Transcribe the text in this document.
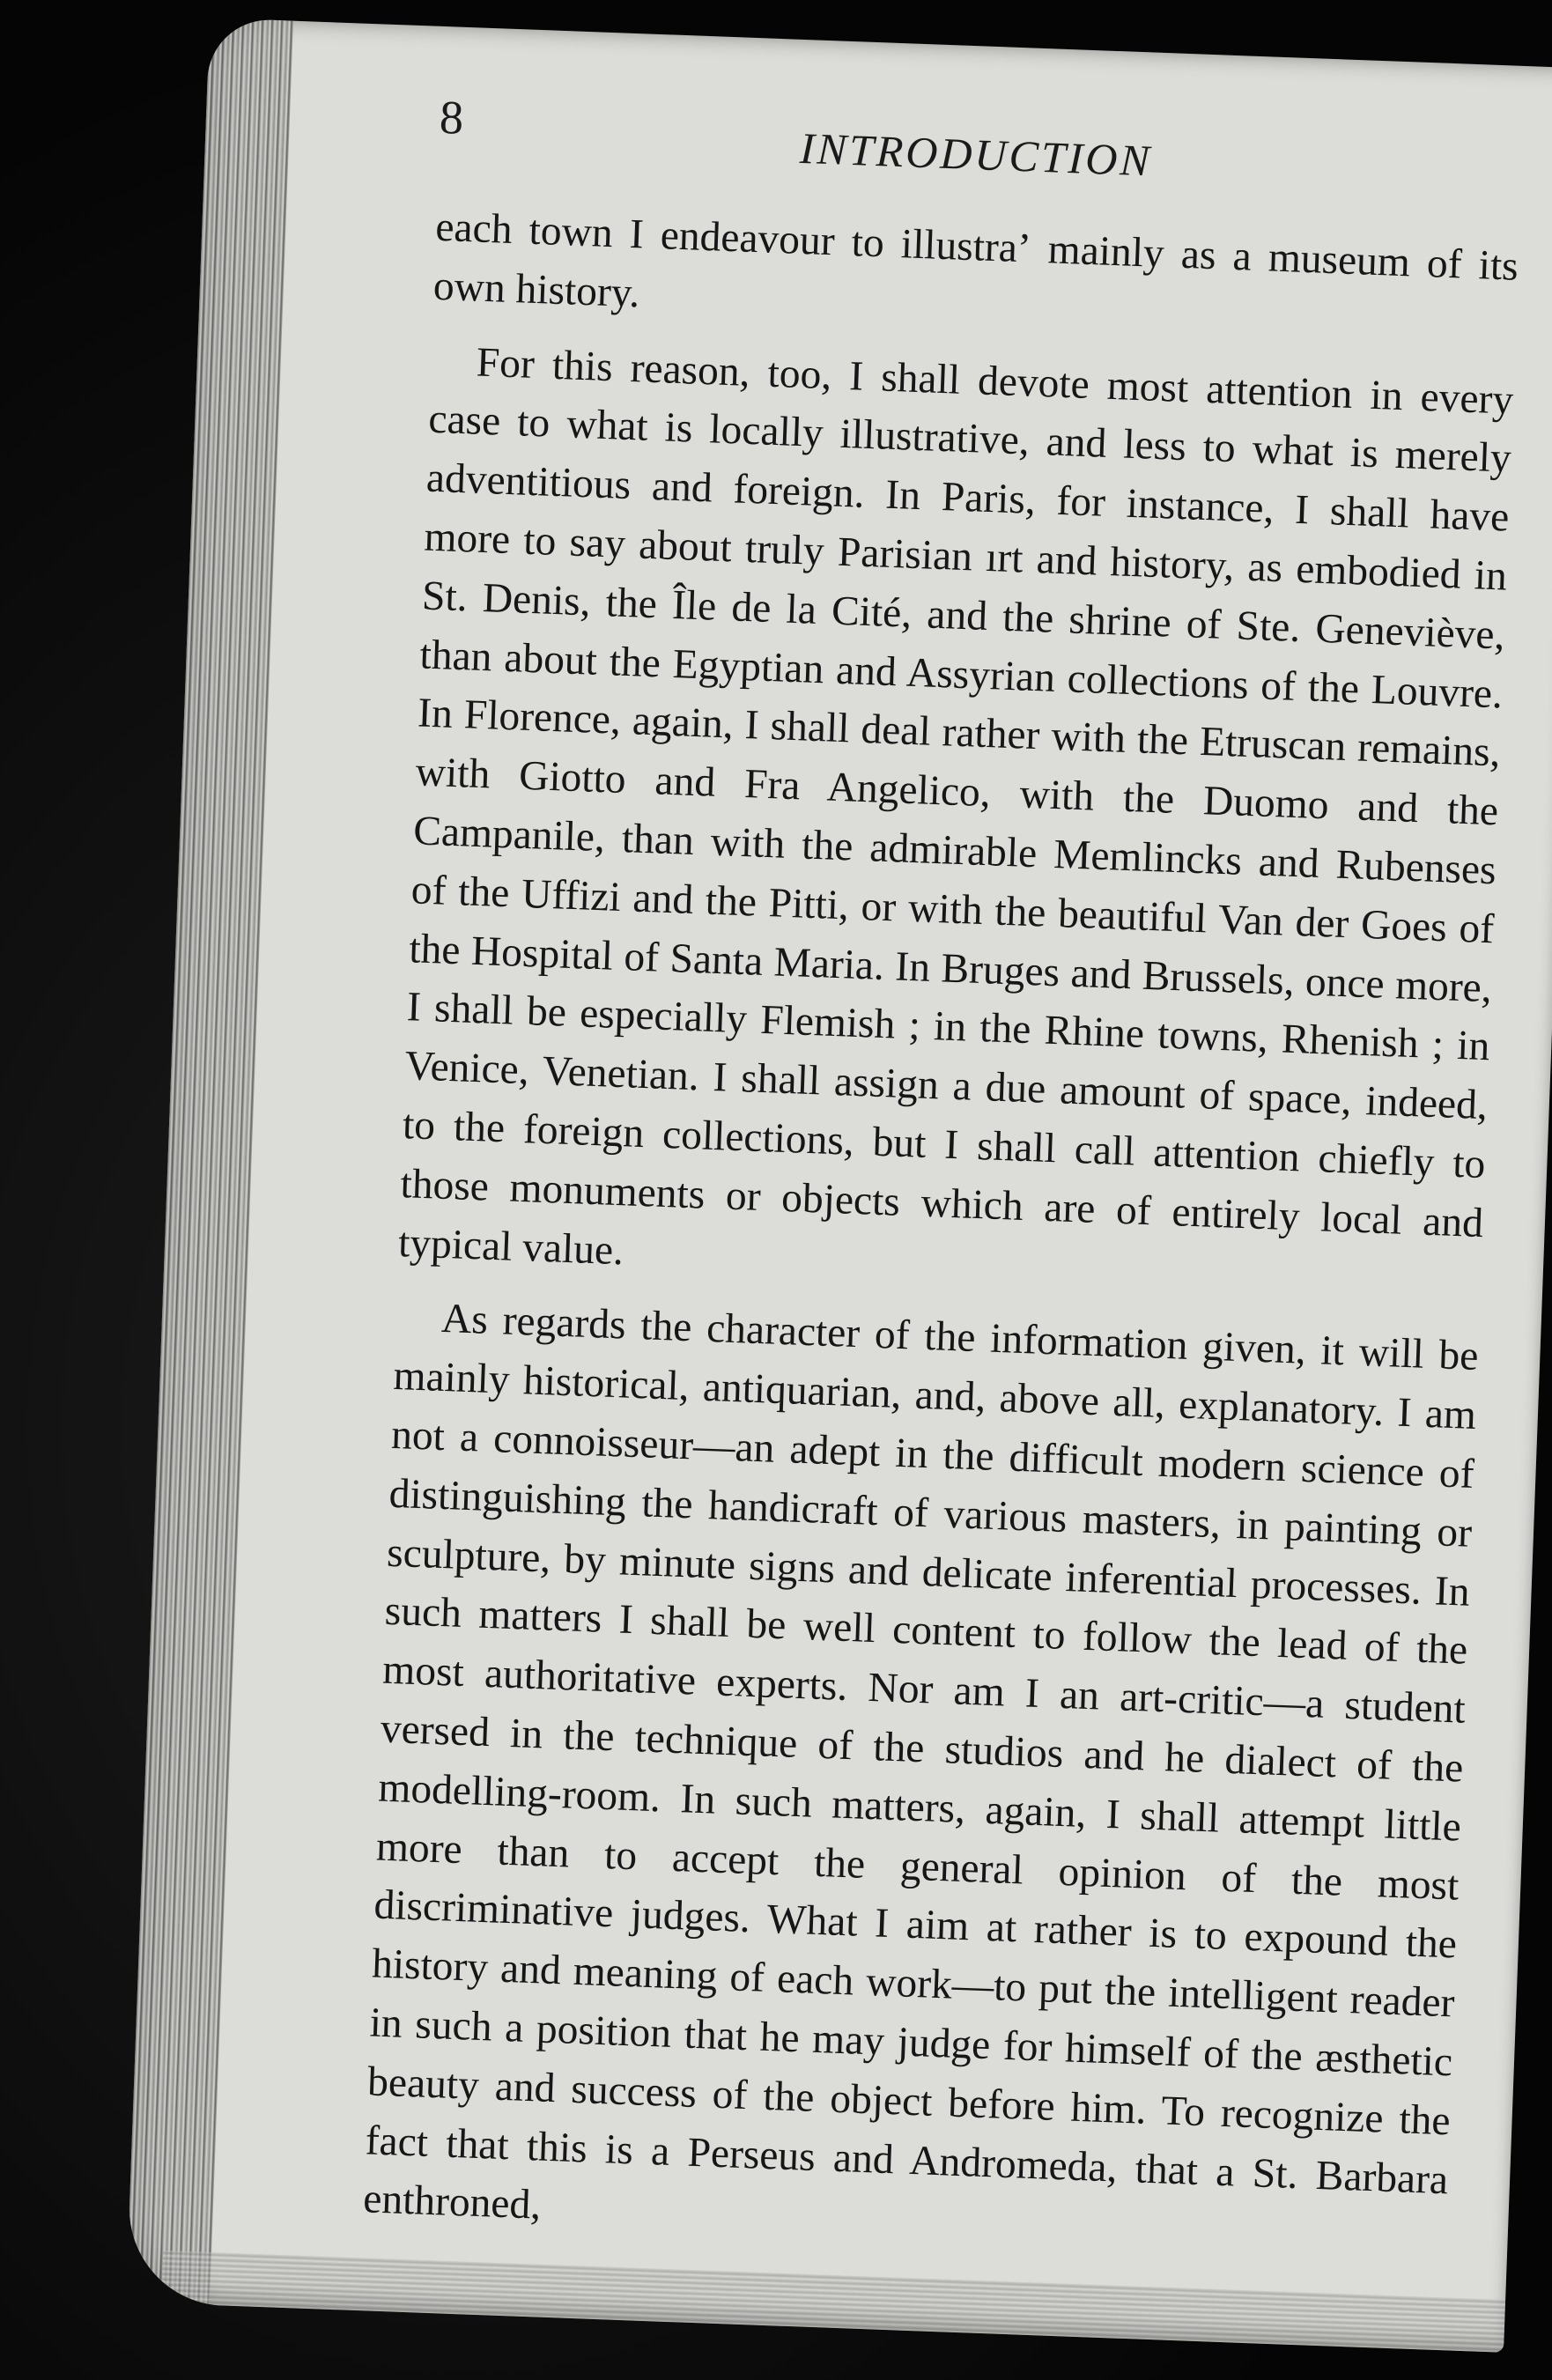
8
INTRODUCTION

each town I endeavour to illustraʼ mainly as a museum of its own history.

For this reason, too, I shall devote most attention in every case to what is locally illustrative, and less to what is merely adventitious and foreign. In Paris, for instance, I shall have more to say about truly Parisian ırt and history, as embodied in St. Denis, the Île de la Cité, and the shrine of Ste. Geneviève, than about the Egyptian and Assyrian collections of the Louvre. In Florence, again, I shall deal rather with the Etruscan remains, with Giotto and Fra Angelico, with the Duomo and the Campanile, than with the admirable Memlincks and Rubenses of the Uffizi and the Pitti, or with the beautiful Van der Goes of the Hospital of Santa Maria. In Bruges and Brussels, once more, I shall be especially Flemish ; in the Rhine towns, Rhenish ; in Venice, Venetian. I shall assign a due amount of space, indeed, to the foreign collections, but I shall call attention chiefly to those monuments or objects which are of entirely local and typical value.

As regards the character of the information given, it will be mainly historical, antiquarian, and, above all, explanatory. I am not a connoisseur—an adept in the difficult modern science of distinguishing the handicraft of various masters, in painting or sculpture, by minute signs and delicate inferential processes. In such matters I shall be well content to follow the lead of the most authoritative experts. Nor am I an art-critic—a student versed in the technique of the studios and he dialect of the modelling-room. In such matters, again, I shall attempt little more than to accept the general opinion of the most discriminative judges. What I aim at rather is to expound the history and meaning of each work—to put the intelligent reader in such a position that he may judge for himself of the æsthetic beauty and success of the object before him. To recognize the fact that this is a Perseus and Andromeda, that a St. Barbara enthroned,
